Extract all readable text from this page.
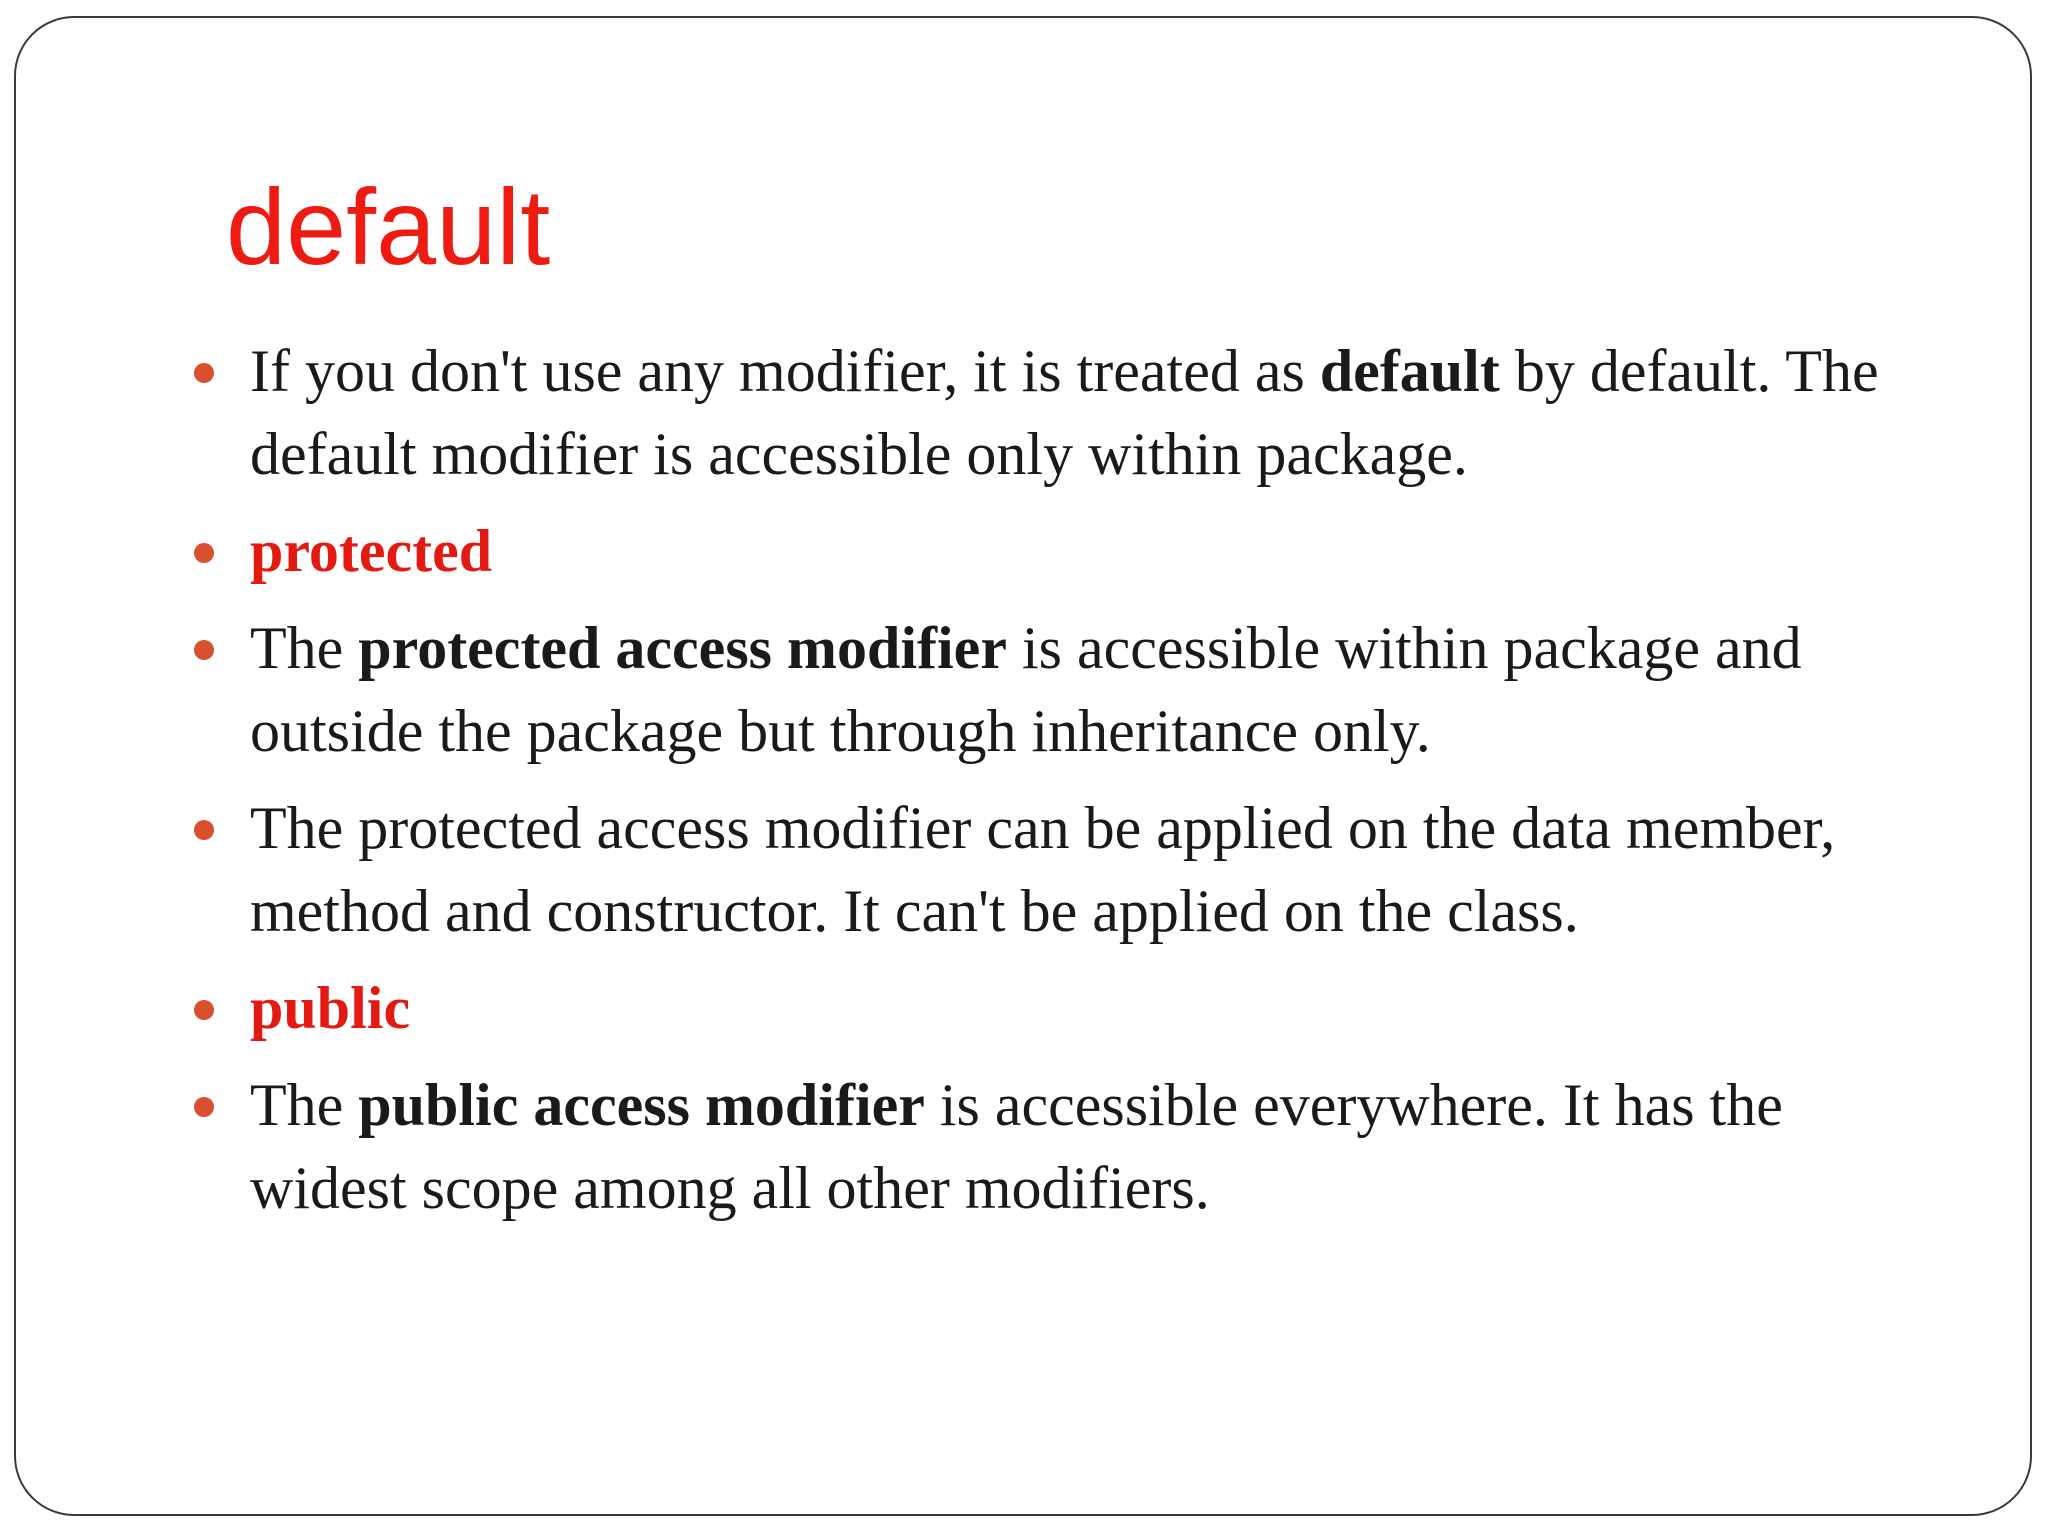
default
If you don't use any modifier, it is treated as default by default. The default modifier is accessible only within package.
protected
The protected access modifier is accessible within package and outside the package but through inheritance only.
The protected access modifier can be applied on the data member, method and constructor. It can't be applied on the class.
public
The public access modifier is accessible everywhere. It has the widest scope among all other modifiers.
